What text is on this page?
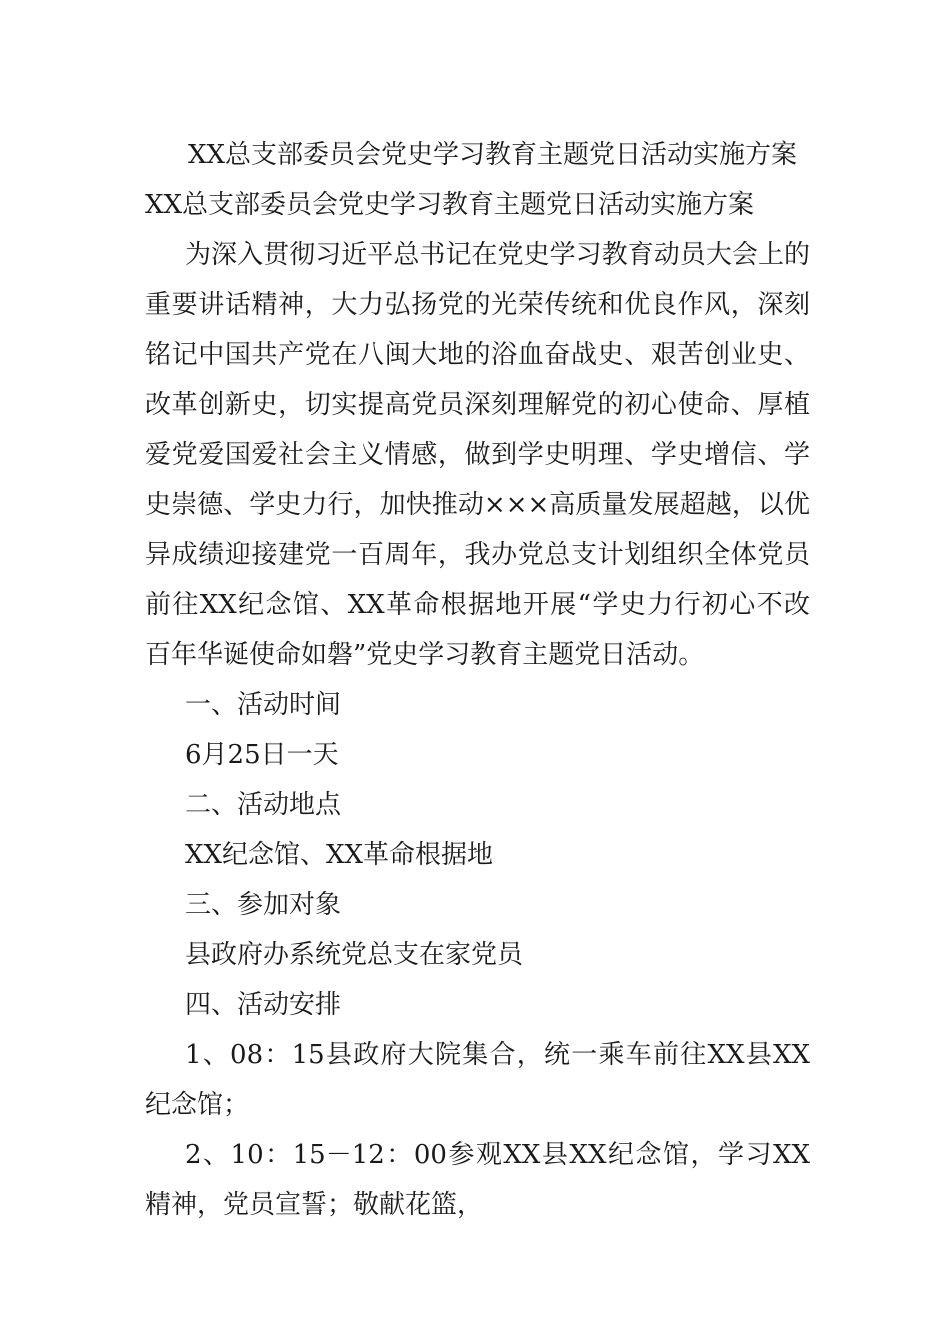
XX总支部委员会党史学习教育主题党日活动实施方案

XX总支部委员会党史学习教育主题党日活动实施方案

为深入贯彻习近平总书记在党史学习教育动员大会上的

重要讲话精神，大力弘扬党的光荣传统和优良作风，深刻

铭记中国共产党在八闽大地的浴血奋战史、艰苦创业史、

改革创新史，切实提高党员深刻理解党的初心使命、厚植

爱党爱国爱社会主义情感，做到学史明理、学史增信、学

史崇德、学史力行，加快推动×××高质量发展超越，以优

异成绩迎接建党一百周年，我办党总支计划组织全体党员

前往XX纪念馆、XX革命根据地开展“学史力行初心不改

百年华诞使命如磐”党史学习教育主题党日活动。

一、活动时间

6月25日一天

二、活动地点

XX纪念馆、XX革命根据地

三、参加对象

县政府办系统党总支在家党员

四、活动安排

1、08：15县政府大院集合，统一乘车前往XX县XX

纪念馆；

2、10：15－12：00参观XX县XX纪念馆，学习XX

精神，党员宣誓；敬献花篮，
